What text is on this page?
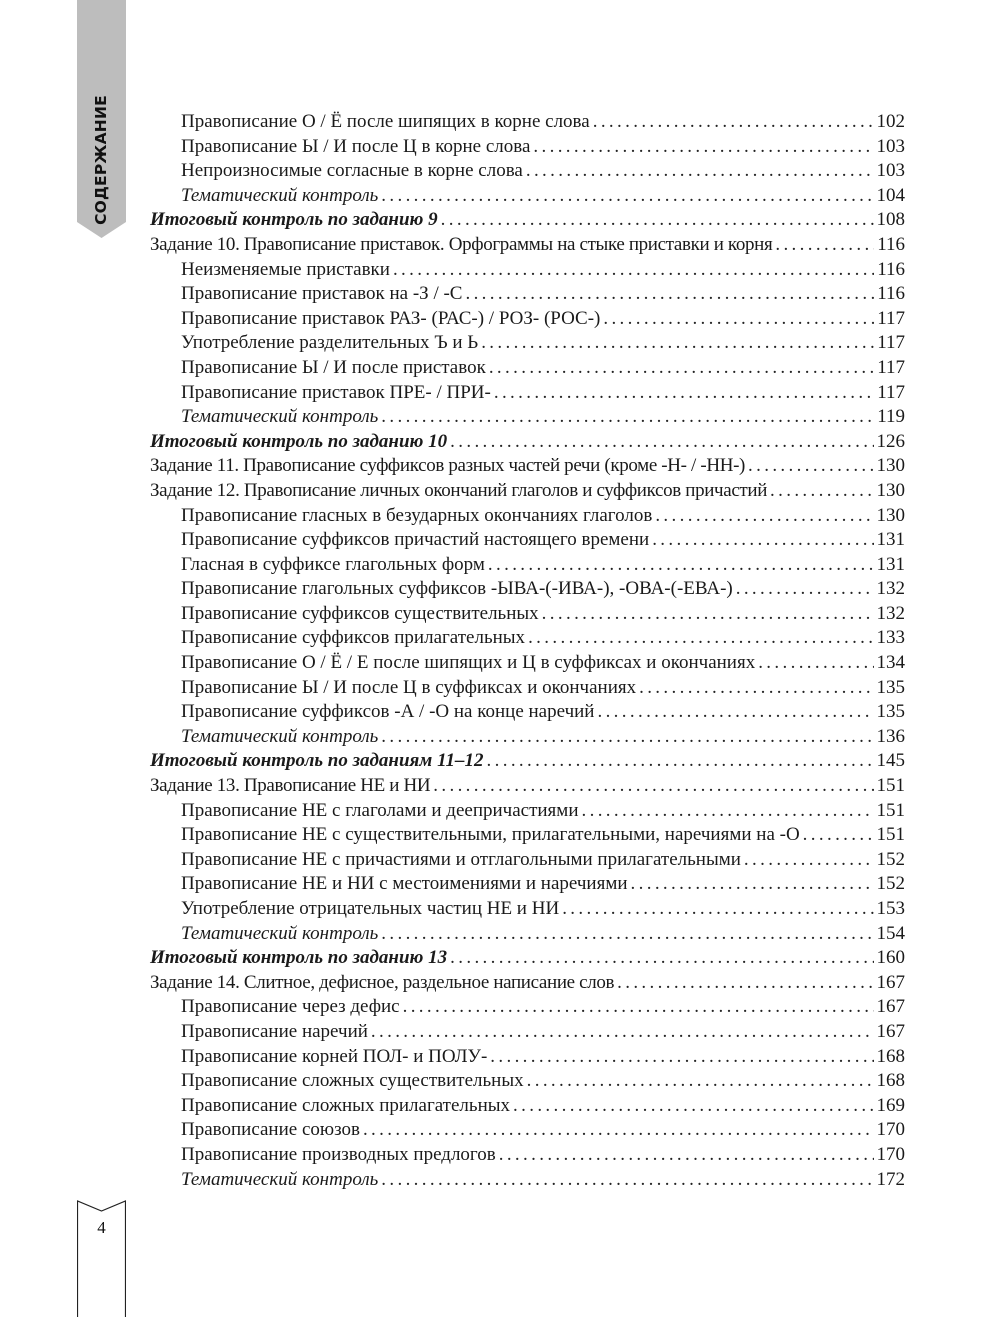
СОДЕРЖАНИЕ
4
Правописание О / Ё после шипящих в корне слова . . .	102
Правописание Ы / И после Ц в корне слова . . .	103
Непроизносимые согласные в корне слова . . .	103
Тематический контроль . . .	104
Итоговый контроль по заданию 9 . . .	108
Задание 10. Правописание приставок. Орфограммы на стыке приставки и корня . . .	116
Неизменяемые приставки . . .	116
Правописание приставок на -З / -С . . .	116
Правописание приставок РАЗ- (РАС-) / РОЗ- (РОС-) . . .	117
Употребление разделительных Ъ и Ь . . .	117
Правописание Ы / И после приставок . . .	117
Правописание приставок ПРЕ- / ПРИ- . . .	117
Тематический контроль . . .	119
Итоговый контроль по заданию 10 . . .	126
Задание 11. Правописание суффиксов разных частей речи (кроме -Н- / -НН-) . . .	130
Задание 12. Правописание личных окончаний глаголов и суффиксов причастий . . .	130
Правописание гласных в безударных окончаниях глаголов . . .	130
Правописание суффиксов причастий настоящего времени . . .	131
Гласная в суффиксе глагольных форм . . .	131
Правописание глагольных суффиксов -ЫВА-(-ИВА-), -ОВА-(-ЕВА-) . . .	132
Правописание суффиксов существительных . . .	132
Правописание суффиксов прилагательных . . .	133
Правописание О / Ё / Е после шипящих и Ц в суффиксах и окончаниях . . .	134
Правописание Ы / И после Ц в суффиксах и окончаниях . . .	135
Правописание суффиксов -А / -О на конце наречий . . .	135
Тематический контроль . . .	136
Итоговый контроль по заданиям 11–12 . . .	145
Задание 13. Правописание НЕ и НИ . . .	151
Правописание НЕ с глаголами и деепричастиями . . .	151
Правописание НЕ с существительными, прилагательными, наречиями на -О . . .	151
Правописание НЕ с причастиями и отглагольными прилагательными . . .	152
Правописание НЕ и НИ с местоимениями и наречиями . . .	152
Употребление отрицательных частиц НЕ и НИ . . .	153
Тематический контроль . . .	154
Итоговый контроль по заданию 13 . . .	160
Задание 14. Слитное, дефисное, раздельное написание слов . . .	167
Правописание через дефис . . .	167
Правописание наречий . . .	167
Правописание корней ПОЛ- и ПОЛУ- . . .	168
Правописание сложных существительных . . .	168
Правописание сложных прилагательных . . .	169
Правописание союзов . . .	170
Правописание производных предлогов . . .	170
Тематический контроль . . .	172
